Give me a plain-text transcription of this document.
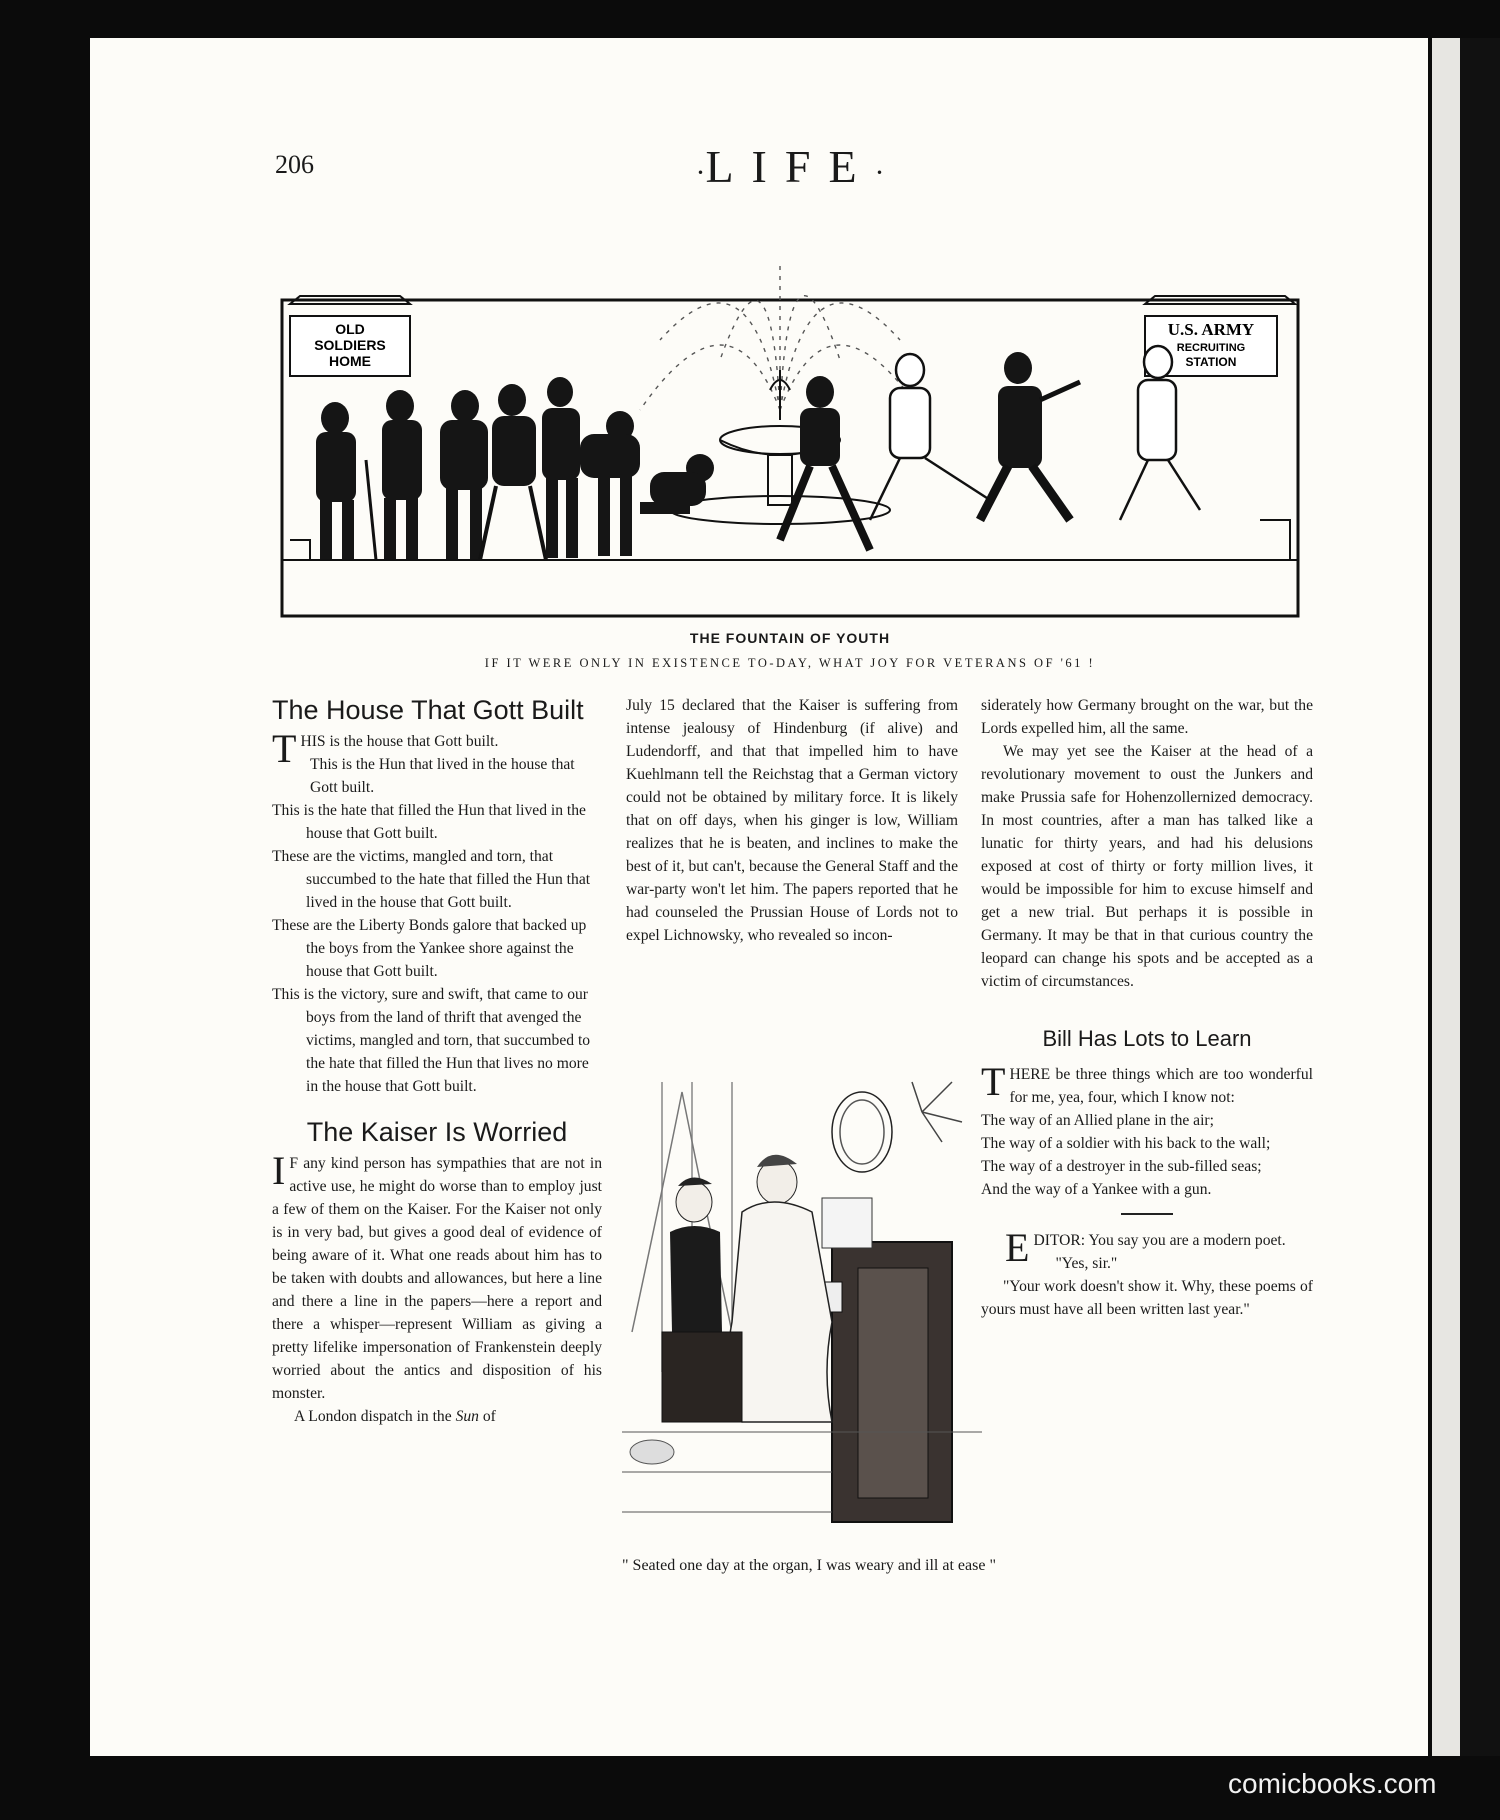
206	·LIFE·
OLD
SOLDIERS
HOME
U.S. ARMY
RECRUITING
STATION
THE FOUNTAIN OF YOUTH
IF IT WERE ONLY IN EXISTENCE TO-DAY, WHAT JOY FOR VETERANS OF '61 !
The House That Gott Built

THIS is the house that Gott built.

This is the Hun that lived in the house that Gott built.

This is the hate that filled the Hun that lived in the house that Gott built.

These are the victims, mangled and torn, that succumbed to the hate that filled the Hun that lived in the house that Gott built.

These are the Liberty Bonds galore that backed up the boys from the Yankee shore against the house that Gott built.

This is the victory, sure and swift, that came to our boys from the land of thrift that avenged the victims, mangled and torn, that succumbed to the hate that filled the Hun that lives no more in the house that Gott built.

The Kaiser Is Worried

I F any kind person has sympathies that are not in active use, he might do worse than to employ just a few of them on the Kaiser. For the Kaiser not only is in very bad, but gives a good deal of evidence of being aware of it. What one reads about him has to be taken with doubts and allowances, but here a line and there a line in the papers—here a report and there a whisper—represent William as giving a pretty lifelike impersonation of Frankenstein deeply worried about the antics and disposition of his monster.

A London dispatch in the Sun of

July 15 declared that the Kaiser is suffering from intense jealousy of Hindenburg (if alive) and Ludendorff, and that that impelled him to have Kuehlmann tell the Reichstag that a German victory could not be obtained by military force. It is likely that on off days, when his ginger is low, William realizes that he is beaten, and inclines to make the best of it, but can't, because the General Staff and the war-party won't let him. The papers reported that he had counseled the Prussian House of Lords not to expel Lichnowsky, who revealed so incon-

" Seated one day at the organ, I was weary and ill at ease "

siderately how Germany brought on the war, but the Lords expelled him, all the same.

We may yet see the Kaiser at the head of a revolutionary movement to oust the Junkers and make Prussia safe for Hohenzollernized democracy. In most countries, after a man has talked like a lunatic for thirty years, and had his delusions exposed at cost of thirty or forty million lives, it would be impossible for him to excuse himself and get a new trial. But perhaps it is possible in Germany. It may be that in that curious country the leopard can change his spots and be accepted as a victim of circumstances.

Bill Has Lots to Learn

THERE be three things which are too wonderful for me, yea, four, which I know not:

The way of an Allied plane in the air;

The way of a soldier with his back to the wall;

The way of a destroyer in the sub-filled seas;

And the way of a Yankee with a gun.

EDITOR: You say you are a modern poet.

"Yes, sir."

"Your work doesn't show it. Why, these poems of yours must have all been written last year."

comicbooks.com
